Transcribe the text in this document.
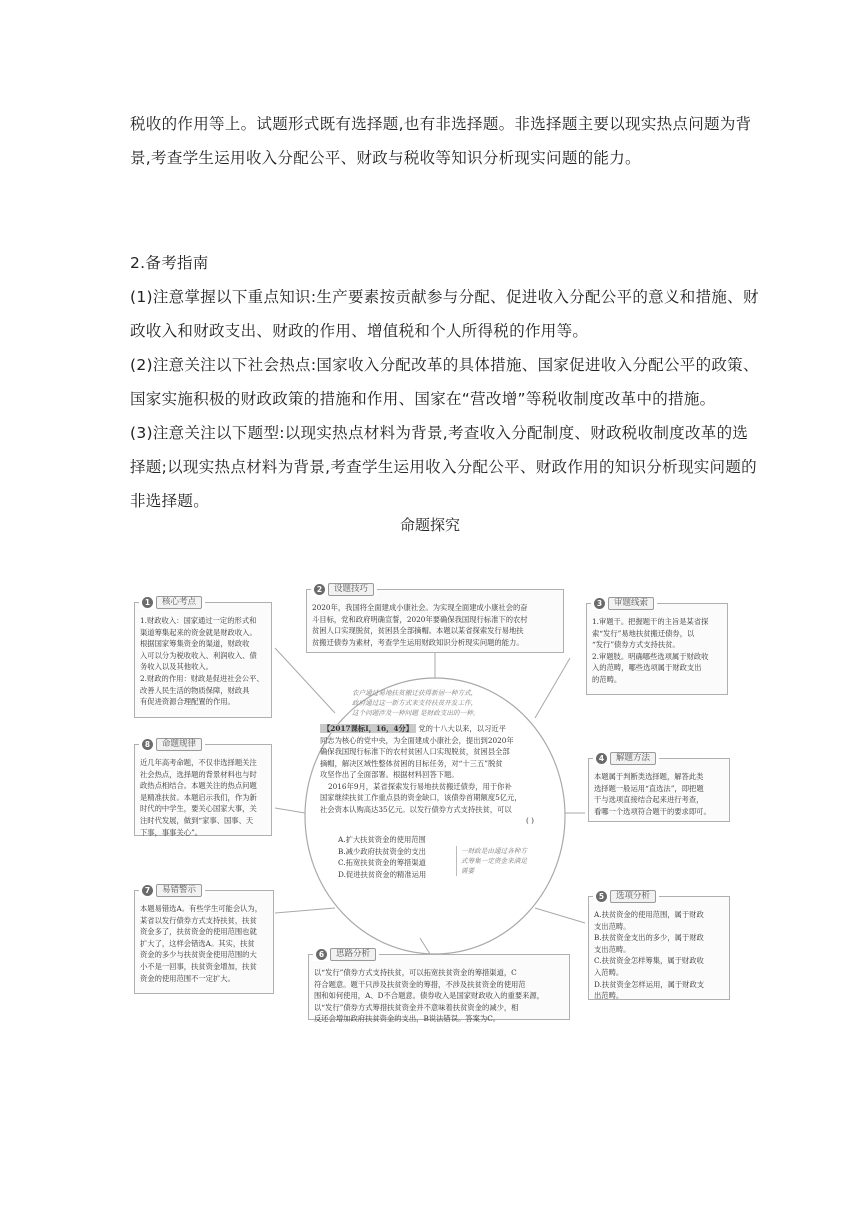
税收的作用等上。试题形式既有选择题,也有非选择题。非选择题主要以现实热点问题为背
景,考查学生运用收入分配公平、财政与税收等知识分析现实问题的能力。
2.备考指南
(1)注意掌握以下重点知识:生产要素按贡献参与分配、促进收入分配公平的意义和措施、财
政收入和财政支出、财政的作用、增值税和个人所得税的作用等。
(2)注意关注以下社会热点:国家收入分配改革的具体措施、国家促进收入分配公平的政策、
国家实施积极的财政政策的措施和作用、国家在“营改增”等税收制度改革中的措施。
(3)注意关注以下题型:以现实热点材料为背景,考查收入分配制度、财政税收制度改革的选
择题;以现实热点材料为背景,考查学生运用收入分配公平、财政作用的知识分析现实问题的
非选择题。
命题探究
1	核心考点

1.财政收入：国家通过一定的形式和

渠道筹集起来的资金就是财政收入。

根据国家筹集资金的渠道，财政收

入可以分为税收收入、利润收入、债

务收入以及其他收入。

2.财政的作用：财政是促进社会公平、

改善人民生活的物质保障，财政具

有促进资源合理配置的作用。

2	设题技巧

2020年，我国将全面建成小康社会。为实现全面建成小康社会的奋

斗目标，党和政府明确宣誓，2020年要确保我国现行标准下的农村

贫困人口实现脱贫，贫困县全部摘帽。本题以某省探索发行易地扶

贫搬迁债券为素材，考查学生运用财政知识分析现实问题的能力。

3	审题线索

1.审题干。把握题干的主旨是某省探

索“发行”易地扶贫搬迁债券，以

“发行”债券方式支持扶贫。

2.审题肢。明确哪些选项属于财政收

入的范畴，哪些选项属于财政支出

的范畴。

8	命题规律

近几年高考命题，不仅非选择题关注

社会热点，选择题的背景材料也与时

政热点相结合。本题关注的热点问题

是精准扶贫。本题启示我们，作为新

时代的中学生，要关心国家大事，关

注时代发展，做到“家事、国事、天

下事，事事关心”。

4	解题方法

本题属于判断类选择题，解答此类

选择题一般运用“直选法”，即把题

干与选项直接结合起来进行考查，

看哪一个选项符合题干的要求即可。

7	易错警示

本题易错选A。有些学生可能会认为，

某省以发行债券方式支持扶贫，扶贫

资金多了，扶贫资金的使用范围也就

扩大了，这样会错选A。其实，扶贫

资金的多少与扶贫资金使用范围的大

小不是一回事，扶贫资金增加，扶贫

资金的使用范围不一定扩大。

5	选项分析

A.扶贫资金的使用范围，属于财政

支出范畴。

B.扶贫资金支出的多少，属于财政

支出范畴。

C.扶贫资金怎样筹集，属于财政收

入范畴。

D.扶贫资金怎样运用，属于财政支

出范畴。

6	思路分析

以“发行”债券方式支持扶贫，可以拓宽扶贫资金的筹措渠道，C

符合题意。题干只涉及扶贫资金的筹措，不涉及扶贫资金的使用范

围和如何使用，A、D不合题意。债券收入是国家财政收入的重要来源，

以“发行”债券方式筹措扶贫资金并不意味着扶贫资金的减少，相

反还会增加政府扶贫资金的支出，B说法错误。答案为C。

农户通过易地扶贫搬迁获得新居一种方式，
政府通过这一新方式来支持扶贫开发工作，
这个问题涉及一种问题 是财政支出的一种。
【2017课标Ⅰ，16，4分】 党的十八大以来，以习近平
同志为核心的党中央，为全面建成小康社会，提出到2020年
确保我国现行标准下的农村贫困人口实现脱贫，贫困县全部
摘帽，解决区域性整体贫困的目标任务，对“十三五”脱贫
攻坚作出了全面部署。根据材料回答下题。
2016年9月，某省探索发行易地扶贫搬迁债券，用于你补
国家继续扶贫工作重点县的资金缺口，该债券首期额度5亿元，
社会资本认购高达35亿元。以发行债券方式支持扶贫，可以
( )
A.扩大扶贫资金的使用范围
B.减少政府扶贫资金的支出
C.拓宽扶贫资金的筹措渠道
D.促进扶贫资金的精准运用
一财政是由通过各种方
式筹集一定资金来满足
需要
